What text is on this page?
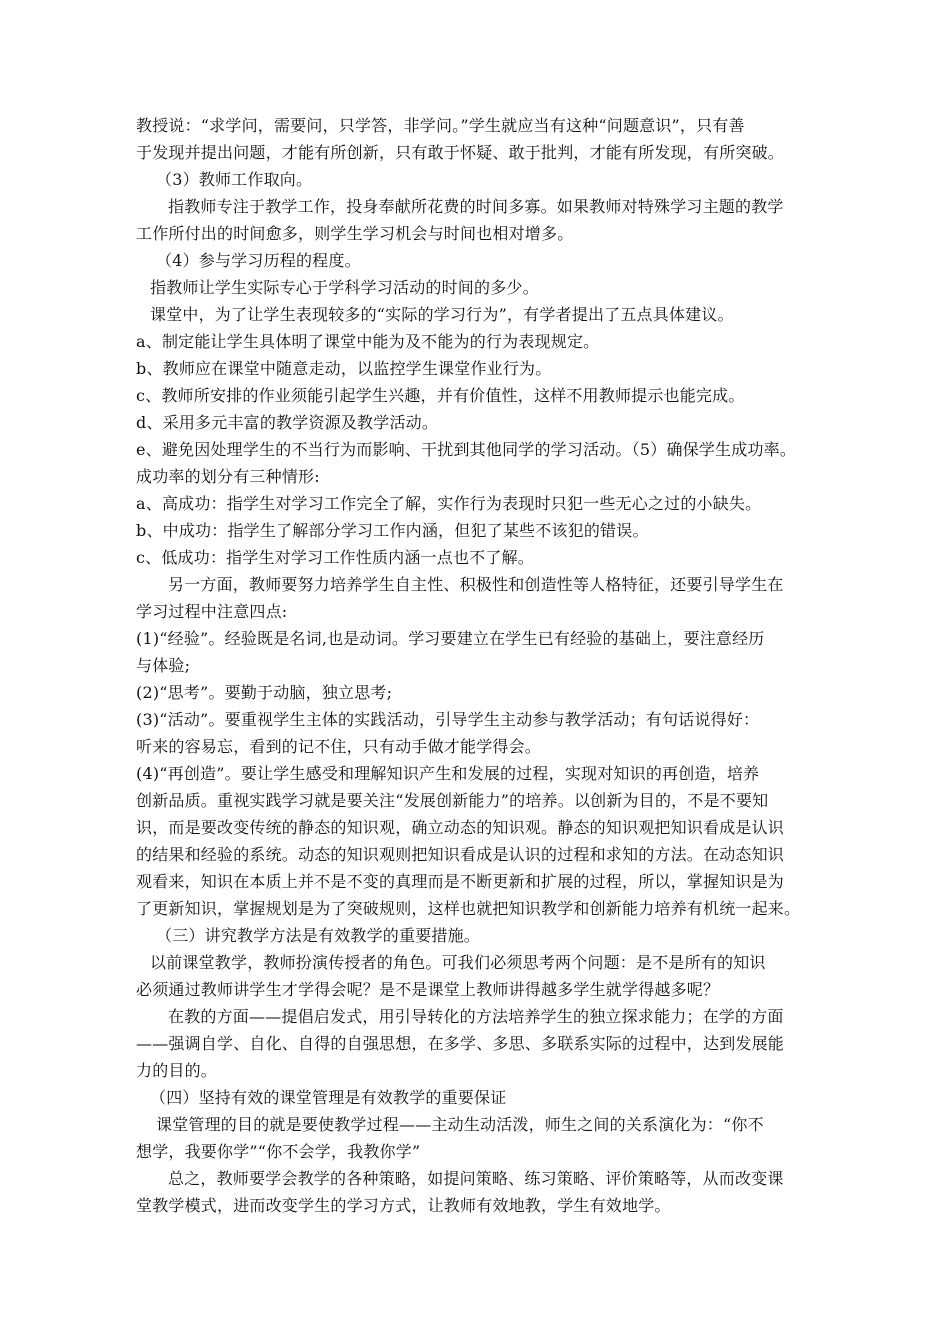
教授说：“求学问，需要问，只学答，非学问。”学生就应当有这种“问题意识”，只有善
于发现并提出问题，才能有所创新，只有敢于怀疑、敢于批判，才能有所发现，有所突破。
（3）教师工作取向。
指教师专注于教学工作，投身奉献所花费的时间多寡。如果教师对特殊学习主题的教学
工作所付出的时间愈多，则学生学习机会与时间也相对增多。
（4）参与学习历程的程度。
指教师让学生实际专心于学科学习活动的时间的多少。
课堂中，为了让学生表现较多的“实际的学习行为”，有学者提出了五点具体建议。
a、制定能让学生具体明了课堂中能为及不能为的行为表现规定。
b、教师应在课堂中随意走动，以监控学生课堂作业行为。
c、教师所安排的作业须能引起学生兴趣，并有价值性，这样不用教师提示也能完成。
d、采用多元丰富的教学资源及教学活动。
e、避免因处理学生的不当行为而影响、干扰到其他同学的学习活动。（5）确保学生成功率。
成功率的划分有三种情形:
a、高成功：指学生对学习工作完全了解，实作行为表现时只犯一些无心之过的小缺失。
b、中成功：指学生了解部分学习工作内涵，但犯了某些不该犯的错误。
c、低成功：指学生对学习工作性质内涵一点也不了解。
另一方面，教师要努力培养学生自主性、积极性和创造性等人格特征，还要引导学生在
学习过程中注意四点:
(1)“经验”。经验既是名词,也是动词。学习要建立在学生已有经验的基础上，要注意经历
与体验;
(2)“思考”。要勤于动脑，独立思考;
(3)“活动”。要重视学生主体的实践活动，引导学生主动参与教学活动；有句话说得好：
听来的容易忘，看到的记不住，只有动手做才能学得会。
(4)“再创造”。要让学生感受和理解知识产生和发展的过程，实现对知识的再创造，培养
创新品质。重视实践学习就是要关注“发展创新能力”的培养。以创新为目的，不是不要知
识，而是要改变传统的静态的知识观，确立动态的知识观。静态的知识观把知识看成是认识
的结果和经验的系统。动态的知识观则把知识看成是认识的过程和求知的方法。在动态知识
观看来，知识在本质上并不是不变的真理而是不断更新和扩展的过程，所以，掌握知识是为
了更新知识，掌握规划是为了突破规则，这样也就把知识教学和创新能力培养有机统一起来。
（三）讲究教学方法是有效教学的重要措施。
以前课堂教学，教师扮演传授者的角色。可我们必须思考两个问题：是不是所有的知识
必须通过教师讲学生才学得会呢？是不是课堂上教师讲得越多学生就学得越多呢？
在教的方面——提倡启发式，用引导转化的方法培养学生的独立探求能力；在学的方面
——强调自学、自化、自得的自强思想，在多学、多思、多联系实际的过程中，达到发展能
力的目的。
（四）坚持有效的课堂管理是有效教学的重要保证
课堂管理的目的就是要使教学过程——主动生动活泼，师生之间的关系演化为：“你不
想学，我要你学”“你不会学，我教你学”
总之，教师要学会教学的各种策略，如提问策略、练习策略、评价策略等，从而改变课
堂教学模式，进而改变学生的学习方式，让教师有效地教，学生有效地学。
